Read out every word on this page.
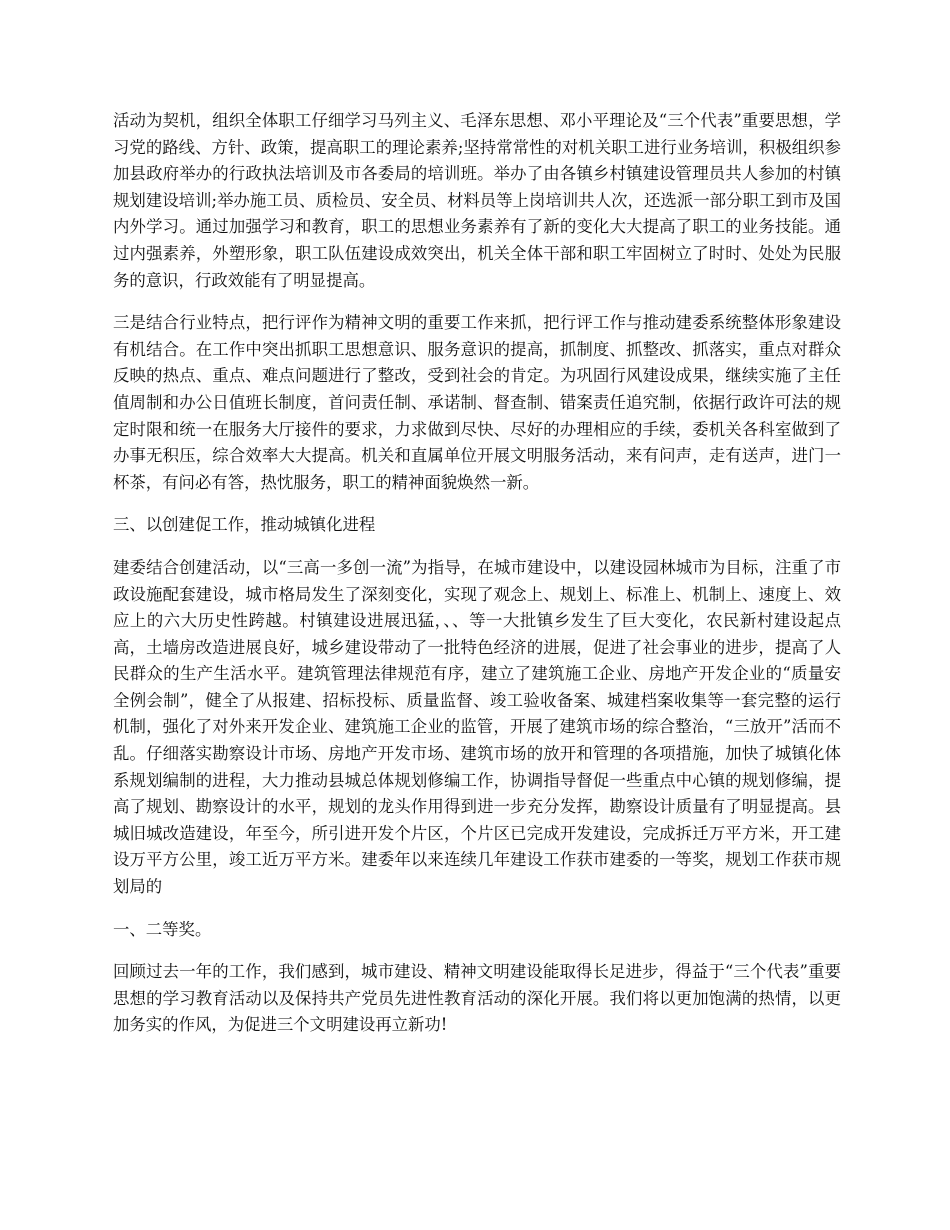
活动为契机，组织全体职工仔细学习马列主义、毛泽东思想、邓小平理论及“三个代表”重要思想，学习党的路线、方针、政策，提高职工的理论素养;坚持常常性的对机关职工进行业务培训，积极组织参加县政府举办的行政执法培训及市各委局的培训班。举办了由各镇乡村镇建设管理员共人参加的村镇规划建设培训;举办施工员、质检员、安全员、材料员等上岗培训共人次，还选派一部分职工到市及国内外学习。通过加强学习和教育，职工的思想业务素养有了新的变化大大提高了职工的业务技能。通过内强素养，外塑形象，职工队伍建设成效突出，机关全体干部和职工牢固树立了时时、处处为民服务的意识，行政效能有了明显提高。

三是结合行业特点，把行评作为精神文明的重要工作来抓，把行评工作与推动建委系统整体形象建设有机结合。在工作中突出抓职工思想意识、服务意识的提高，抓制度、抓整改、抓落实，重点对群众反映的热点、重点、难点问题进行了整改，受到社会的肯定。为巩固行风建设成果，继续实施了主任值周制和办公日值班长制度，首问责任制、承诺制、督查制、错案责任追究制，依据行政许可法的规定时限和统一在服务大厅接件的要求，力求做到尽快、尽好的办理相应的手续，委机关各科室做到了办事无积压，综合效率大大提高。机关和直属单位开展文明服务活动，来有问声，走有送声，进门一杯茶，有问必有答，热忱服务，职工的精神面貌焕然一新。

三、以创建促工作，推动城镇化进程

建委结合创建活动，以“三高一多创一流”为指导，在城市建设中，以建设园林城市为目标，注重了市政设施配套建设，城市格局发生了深刻变化，实现了观念上、规划上、标准上、机制上、速度上、效应上的六大历史性跨越。村镇建设进展迅猛，、、等一大批镇乡发生了巨大变化，农民新村建设起点高，土墙房改造进展良好，城乡建设带动了一批特色经济的进展，促进了社会事业的进步，提高了人民群众的生产生活水平。建筑管理法律规范有序，建立了建筑施工企业、房地产开发企业的“质量安全例会制”，健全了从报建、招标投标、质量监督、竣工验收备案、城建档案收集等一套完整的运行机制，强化了对外来开发企业、建筑施工企业的监管，开展了建筑市场的综合整治，“三放开”活而不乱。仔细落实勘察设计市场、房地产开发市场、建筑市场的放开和管理的各项措施，加快了城镇化体系规划编制的进程，大力推动县城总体规划修编工作，协调指导督促一些重点中心镇的规划修编，提高了规划、勘察设计的水平，规划的龙头作用得到进一步充分发挥，勘察设计质量有了明显提高。县城旧城改造建设，年至今，所引进开发个片区，个片区已完成开发建设，完成拆迁万平方米，开工建设万平方公里，竣工近万平方米。建委年以来连续几年建设工作获市建委的一等奖，规划工作获市规划局的

一、二等奖。

回顾过去一年的工作，我们感到，城市建设、精神文明建设能取得长足进步，得益于“三个代表”重要思想的学习教育活动以及保持共产党员先进性教育活动的深化开展。我们将以更加饱满的热情，以更加务实的作风，为促进三个文明建设再立新功!
